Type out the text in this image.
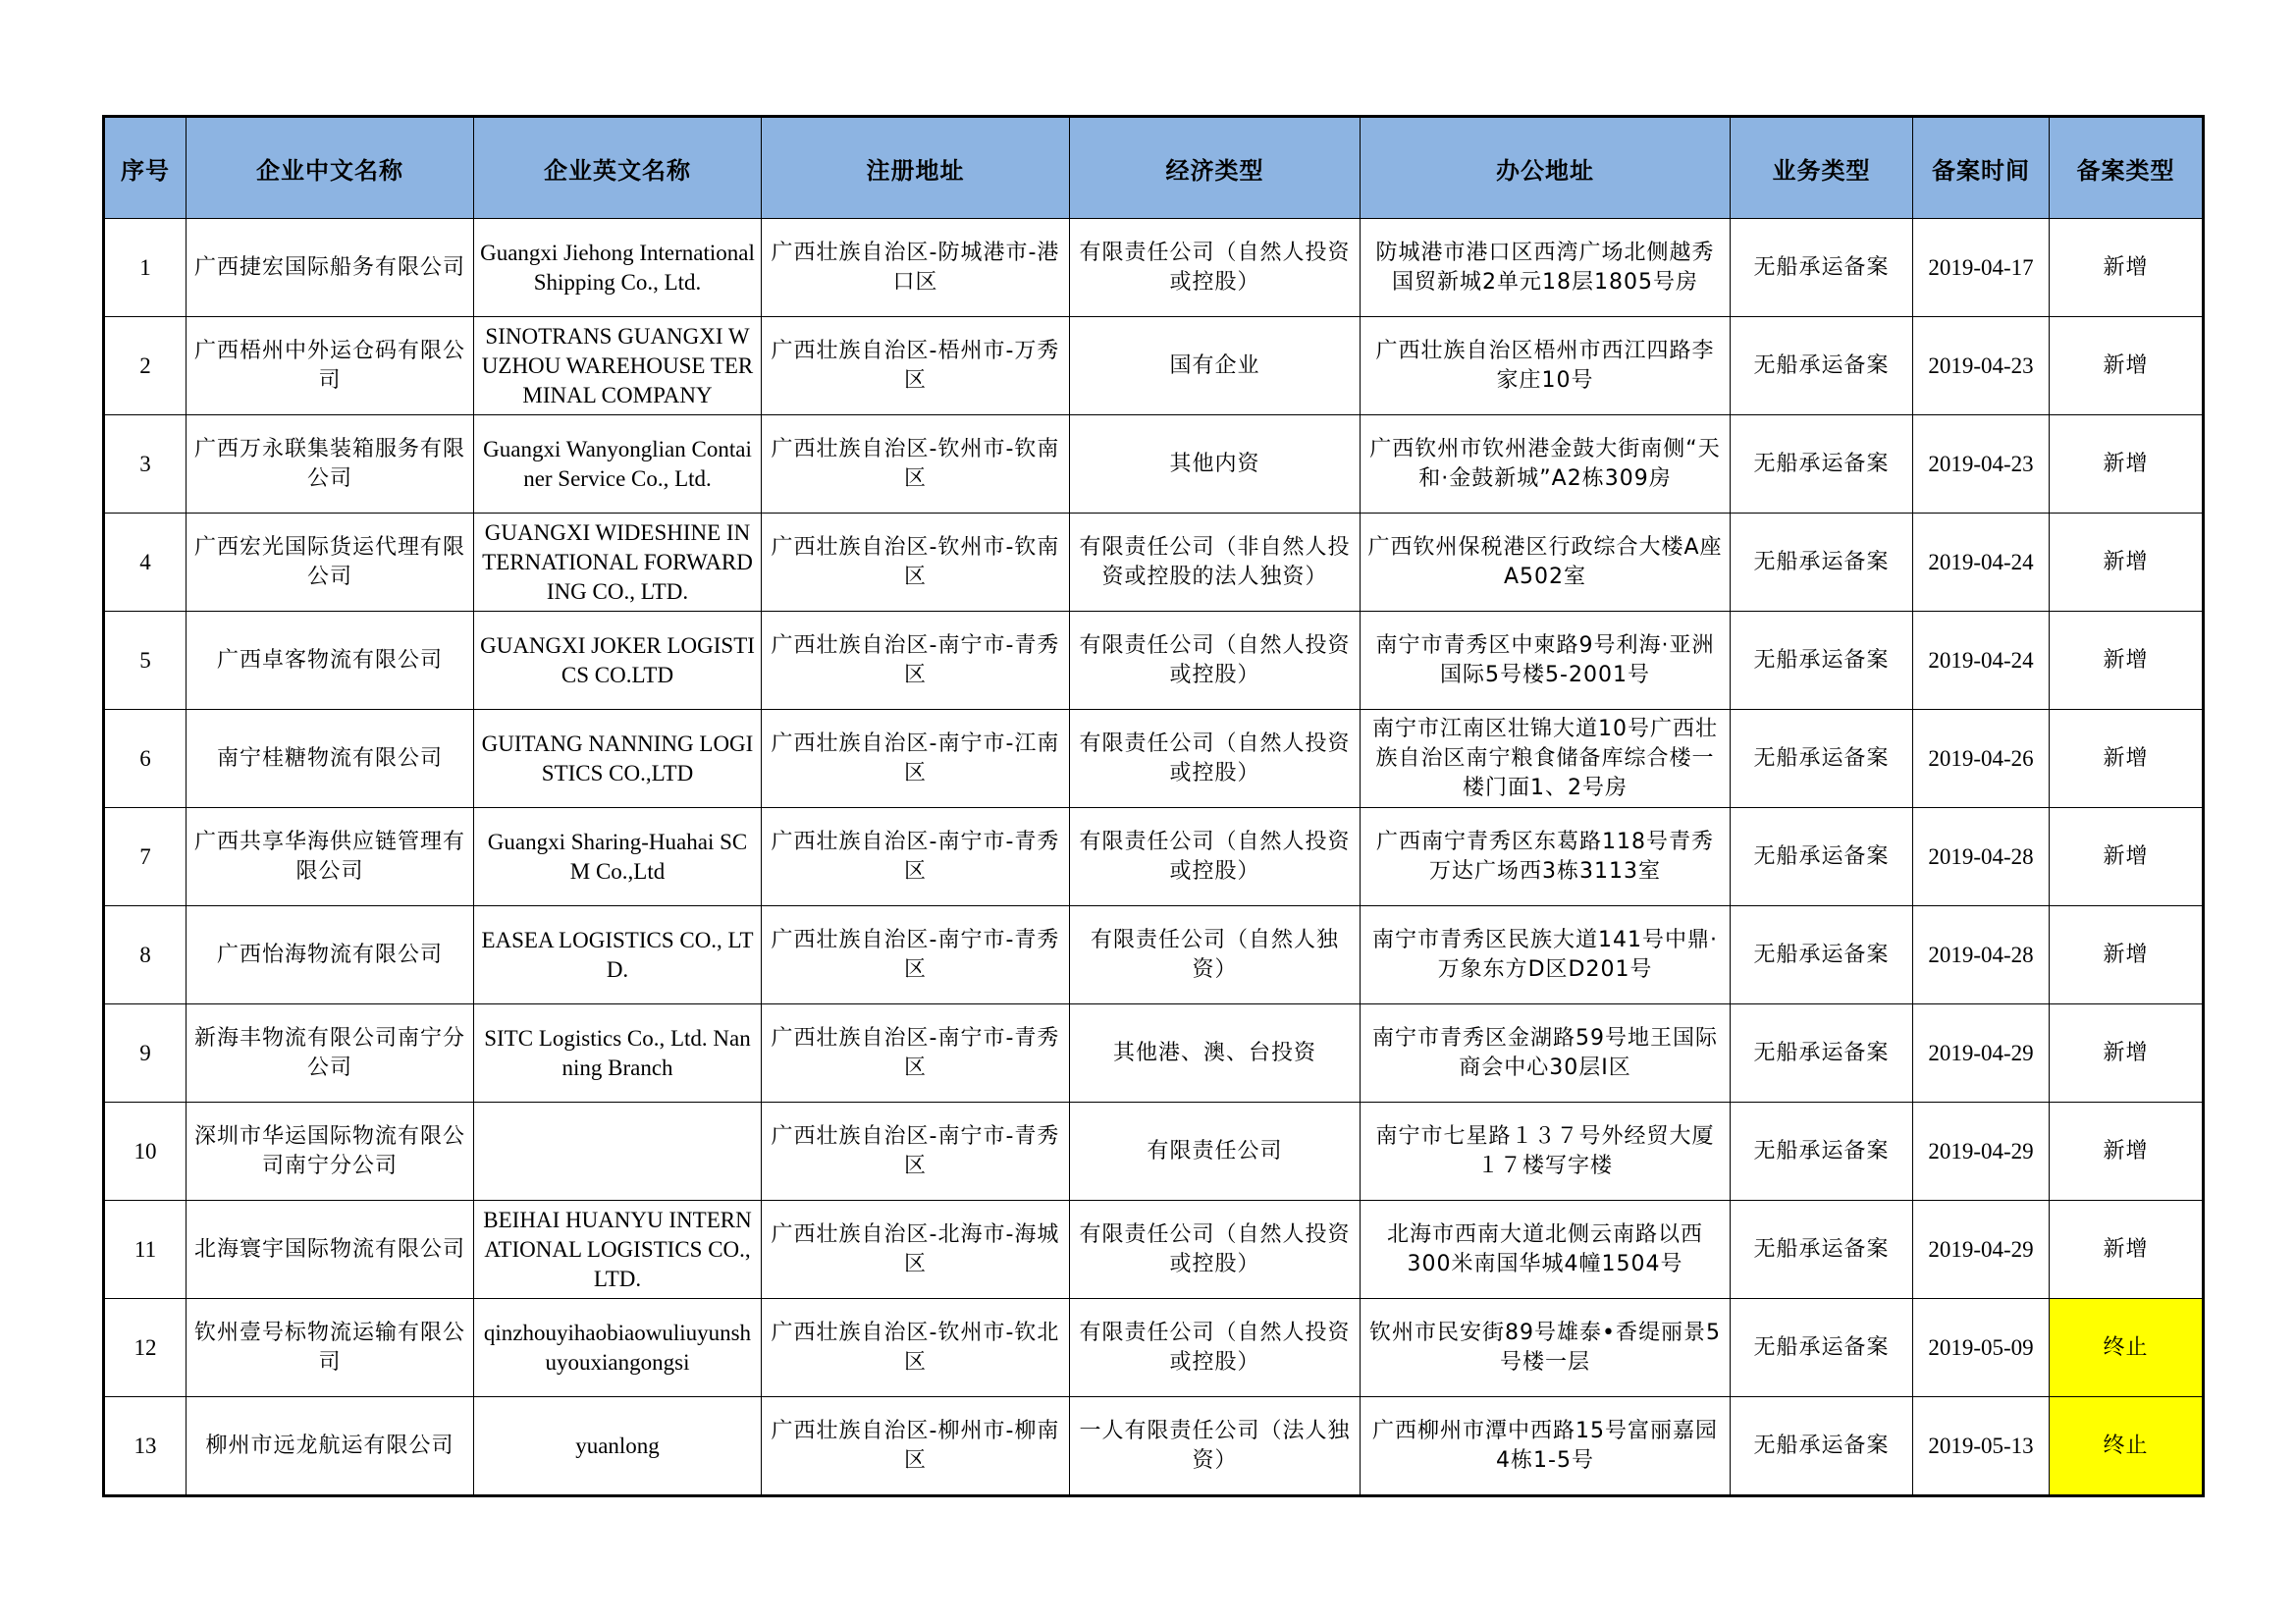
序号	企业中文名称	企业英文名称	注册地址	经济类型	办公地址	业务类型	备案时间	备案类型
1	广西捷宏国际船务有限公司	Guangxi Jiehong International Shipping Co., Ltd.	广西壮族自治区-防城港市-港口区	有限责任公司（自然人投资或控股）	防城港市港口区西湾广场北侧越秀国贸新城2单元18层1805号房	无船承运备案	2019-04-17	新增
2	广西梧州中外运仓码有限公司	SINOTRANS GUANGXI WUZHOU WAREHOUSE TERMINAL COMPANY	广西壮族自治区-梧州市-万秀区	国有企业	广西壮族自治区梧州市西江四路李家庄10号	无船承运备案	2019-04-23	新增
3	广西万永联集装箱服务有限公司	Guangxi Wanyonglian Container Service Co., Ltd.	广西壮族自治区-钦州市-钦南区	其他内资	广西钦州市钦州港金鼓大街南侧“天和·金鼓新城”A2栋309房	无船承运备案	2019-04-23	新增
4	广西宏光国际货运代理有限公司	GUANGXI WIDESHINE INTERNATIONAL FORWARDING CO., LTD.	广西壮族自治区-钦州市-钦南区	有限责任公司（非自然人投资或控股的法人独资）	广西钦州保税港区行政综合大楼A座A502室	无船承运备案	2019-04-24	新增
5	广西卓客物流有限公司	GUANGXI JOKER LOGISTICS CO.LTD	广西壮族自治区-南宁市-青秀区	有限责任公司（自然人投资或控股）	南宁市青秀区中柬路9号利海·亚洲国际5号楼5-2001号	无船承运备案	2019-04-24	新增
6	南宁桂糖物流有限公司	GUITANG NANNING LOGISTICS CO.,LTD	广西壮族自治区-南宁市-江南区	有限责任公司（自然人投资或控股）	南宁市江南区壮锦大道10号广西壮族自治区南宁粮食储备库综合楼一楼门面1、2号房	无船承运备案	2019-04-26	新增
7	广西共享华海供应链管理有限公司	Guangxi Sharing-Huahai SCM Co.,Ltd	广西壮族自治区-南宁市-青秀区	有限责任公司（自然人投资或控股）	广西南宁青秀区东葛路118号青秀万达广场西3栋3113室	无船承运备案	2019-04-28	新增
8	广西怡海物流有限公司	EASEA LOGISTICS CO., LTD.	广西壮族自治区-南宁市-青秀区	有限责任公司（自然人独资）	南宁市青秀区民族大道141号中鼎·万象东方D区D201号	无船承运备案	2019-04-28	新增
9	新海丰物流有限公司南宁分公司	SITC Logistics Co., Ltd. Nanning Branch	广西壮族自治区-南宁市-青秀区	其他港、澳、台投资	南宁市青秀区金湖路59号地王国际商会中心30层I区	无船承运备案	2019-04-29	新增
10	深圳市华运国际物流有限公司南宁分公司		广西壮族自治区-南宁市-青秀区	有限责任公司	南宁市七星路１３７号外经贸大厦１７楼写字楼	无船承运备案	2019-04-29	新增
11	北海寰宇国际物流有限公司	BEIHAI HUANYU INTERNATIONAL LOGISTICS CO.,LTD.	广西壮族自治区-北海市-海城区	有限责任公司（自然人投资或控股）	北海市西南大道北侧云南路以西300米南国华城4幢1504号	无船承运备案	2019-04-29	新增
12	钦州壹号标物流运输有限公司	qinzhouyihaobiaowuliuyunshuyouxiangongsi	广西壮族自治区-钦州市-钦北区	有限责任公司（自然人投资或控股）	钦州市民安街89号雄泰•香缇丽景5号楼一层	无船承运备案	2019-05-09	终止
13	柳州市远龙航运有限公司	yuanlong	广西壮族自治区-柳州市-柳南区	一人有限责任公司（法人独资）	广西柳州市潭中西路15号富丽嘉园4栋1-5号	无船承运备案	2019-05-13	终止
